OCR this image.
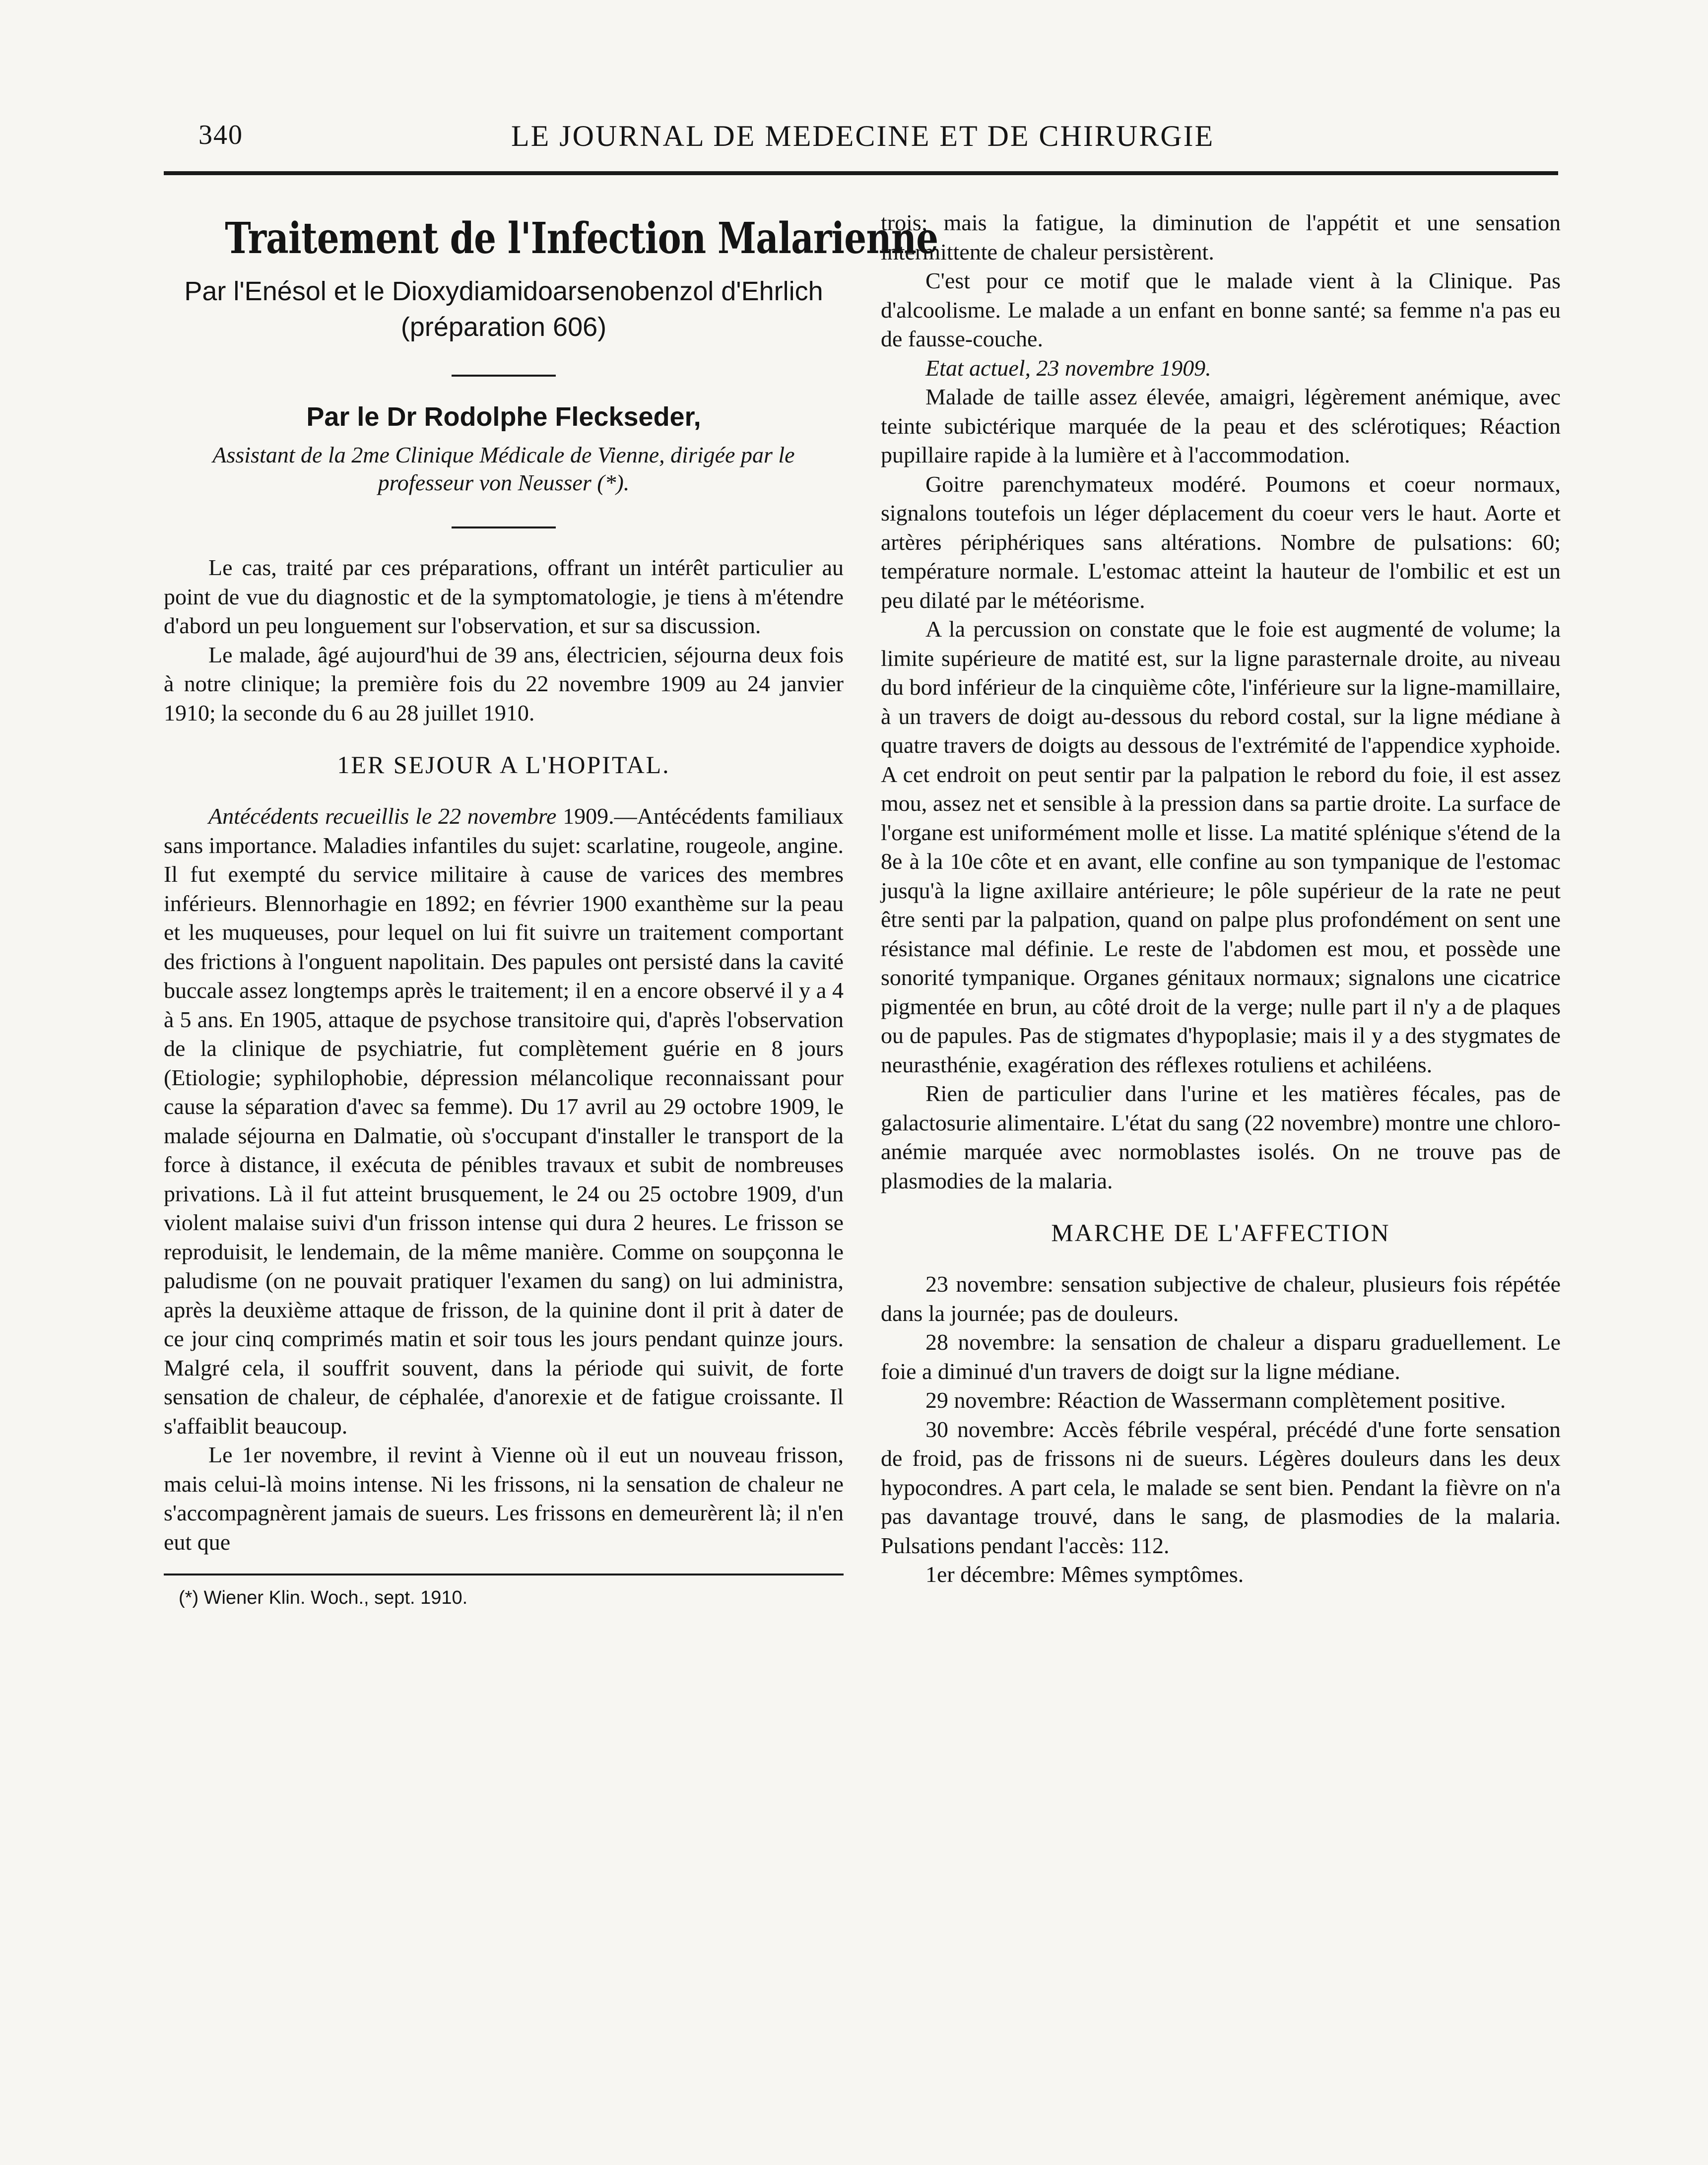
340	LE JOURNAL DE MEDECINE ET DE CHIRURGIE
Traitement de l'Infection Malarienne
Par l'Enésol et le Dioxydiamidoarsenobenzol d'Ehrlich (préparation 606)
Par le Dr Rodolphe Fleckseder,
Assistant de la 2me Clinique Médicale de Vienne, dirigée par le professeur von Neusser (*).

Le cas, traité par ces préparations, offrant un intérêt particulier au point de vue du diagnostic et de la symptomatologie, je tiens à m'étendre d'abord un peu longuement sur l'observation, et sur sa discussion.

Le malade, âgé aujourd'hui de 39 ans, électricien, séjourna deux fois à notre clinique; la première fois du 22 novembre 1909 au 24 janvier 1910; la seconde du 6 au 28 juillet 1910.

1ER SEJOUR A L'HOPITAL.

Antécédents recueillis le 22 novembre 1909.—Antécédents familiaux sans importance. Maladies infantiles du sujet: scarlatine, rougeole, angine. Il fut exempté du service militaire à cause de varices des membres inférieurs. Blennorhagie en 1892; en février 1900 exanthème sur la peau et les muqueuses, pour lequel on lui fit suivre un traitement comportant des frictions à l'onguent napolitain. Des papules ont persisté dans la cavité buccale assez longtemps après le traitement; il en a encore observé il y a 4 à 5 ans. En 1905, attaque de psychose transitoire qui, d'après l'observation de la clinique de psychiatrie, fut complètement guérie en 8 jours (Etiologie; syphilophobie, dépression mélancolique reconnaissant pour cause la séparation d'avec sa femme). Du 17 avril au 29 octobre 1909, le malade séjourna en Dalmatie, où s'occupant d'installer le transport de la force à distance, il exécuta de pénibles travaux et subit de nombreuses privations. Là il fut atteint brusquement, le 24 ou 25 octobre 1909, d'un violent malaise suivi d'un frisson intense qui dura 2 heures. Le frisson se reproduisit, le lendemain, de la même manière. Comme on soupçonna le paludisme (on ne pouvait pratiquer l'examen du sang) on lui administra, après la deuxième attaque de frisson, de la quinine dont il prit à dater de ce jour cinq comprimés matin et soir tous les jours pendant quinze jours. Malgré cela, il souffrit souvent, dans la période qui suivit, de forte sensation de chaleur, de céphalée, d'anorexie et de fatigue croissante. Il s'affaiblit beaucoup.

Le 1er novembre, il revint à Vienne où il eut un nouveau frisson, mais celui-là moins intense. Ni les frissons, ni la sensation de chaleur ne s'accompagnèrent jamais de sueurs. Les frissons en demeurèrent là; il n'en eut que

(*) Wiener Klin. Woch., sept. 1910.

trois; mais la fatigue, la diminution de l'appétit et une sensation intermittente de chaleur persistèrent.

C'est pour ce motif que le malade vient à la Clinique. Pas d'alcoolisme. Le malade a un enfant en bonne santé; sa femme n'a pas eu de fausse-couche.

Etat actuel, 23 novembre 1909.

Malade de taille assez élevée, amaigri, légèrement anémique, avec teinte subictérique marquée de la peau et des sclérotiques; Réaction pupillaire rapide à la lumière et à l'accommodation.

Goitre parenchymateux modéré. Poumons et coeur normaux, signalons toutefois un léger déplacement du coeur vers le haut. Aorte et artères périphériques sans altérations. Nombre de pulsations: 60; température normale. L'estomac atteint la hauteur de l'ombilic et est un peu dilaté par le météorisme.

A la percussion on constate que le foie est augmenté de volume; la limite supérieure de matité est, sur la ligne parasternale droite, au niveau du bord inférieur de la cinquième côte, l'inférieure sur la ligne-mamillaire, à un travers de doigt au-dessous du rebord costal, sur la ligne médiane à quatre travers de doigts au dessous de l'extrémité de l'appendice xyphoide. A cet endroit on peut sentir par la palpation le rebord du foie, il est assez mou, assez net et sensible à la pression dans sa partie droite. La surface de l'organe est uniformément molle et lisse. La matité splénique s'étend de la 8e à la 10e côte et en avant, elle confine au son tympanique de l'estomac jusqu'à la ligne axillaire antérieure; le pôle supérieur de la rate ne peut être senti par la palpation, quand on palpe plus profondément on sent une résistance mal définie. Le reste de l'abdomen est mou, et possède une sonorité tympanique. Organes génitaux normaux; signalons une cicatrice pigmentée en brun, au côté droit de la verge; nulle part il n'y a de plaques ou de papules. Pas de stigmates d'hypoplasie; mais il y a des stygmates de neurasthénie, exagération des réflexes rotuliens et achiléens.

Rien de particulier dans l'urine et les matières fécales, pas de galactosurie alimentaire. L'état du sang (22 novembre) montre une chloro-anémie marquée avec normoblastes isolés. On ne trouve pas de plasmodies de la malaria.

MARCHE DE L'AFFECTION

23 novembre: sensation subjective de chaleur, plusieurs fois répétée dans la journée; pas de douleurs.

28 novembre: la sensation de chaleur a disparu graduellement. Le foie a diminué d'un travers de doigt sur la ligne médiane.

29 novembre: Réaction de Wassermann complètement positive.

30 novembre: Accès fébrile vespéral, précédé d'une forte sensation de froid, pas de frissons ni de sueurs. Légères douleurs dans les deux hypocondres. A part cela, le malade se sent bien. Pendant la fièvre on n'a pas davantage trouvé, dans le sang, de plasmodies de la malaria. Pulsations pendant l'accès: 112.

1er décembre: Mêmes symptômes.
